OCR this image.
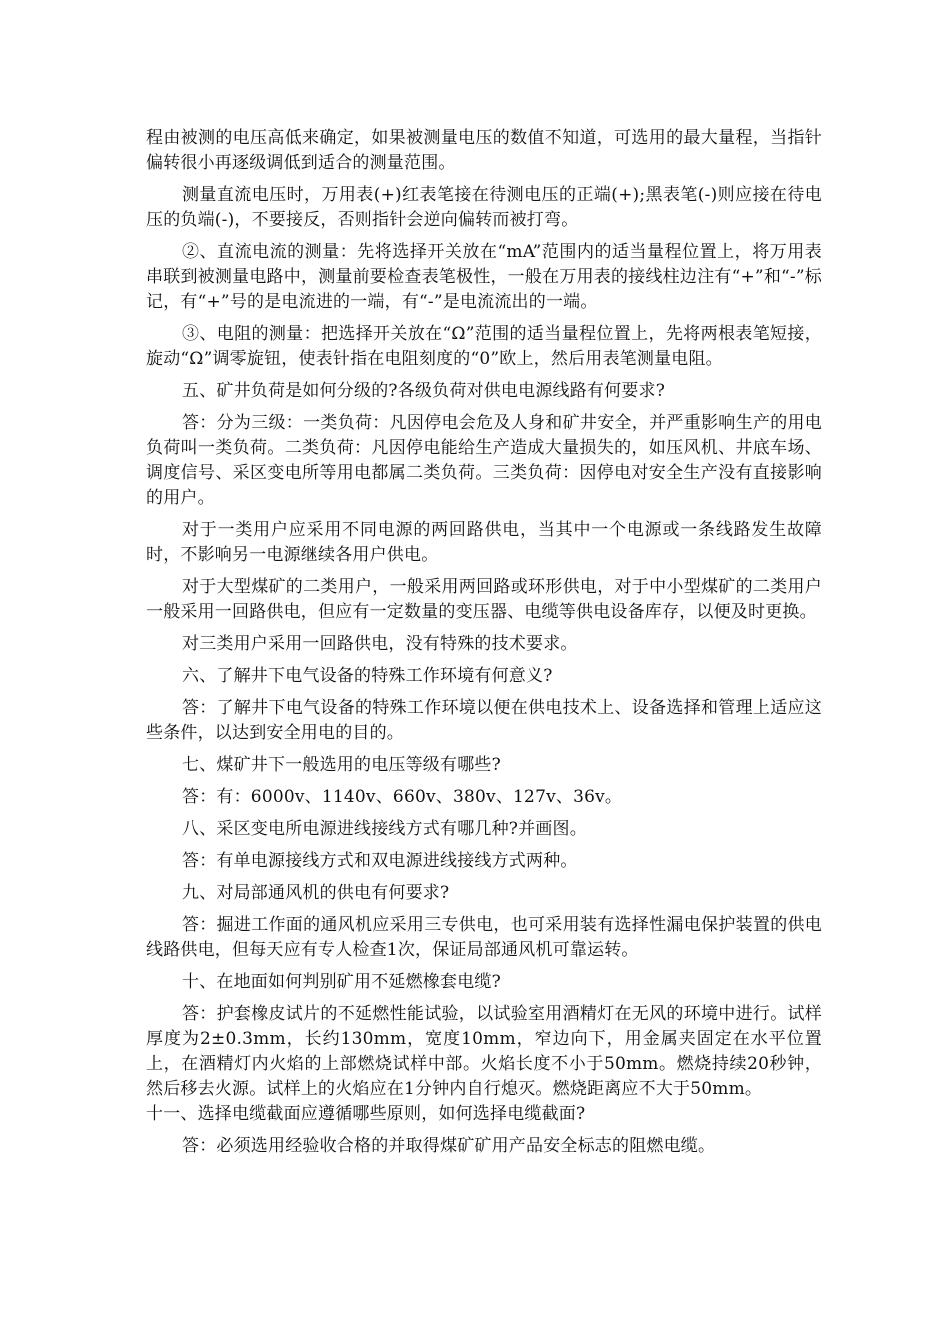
程由被测的电压高低来确定，如果被测量电压的数值不知道，可选用的最大量程，当指针偏转很小再逐级调低到适合的测量范围。

测量直流电压时，万用表(+)红表笔接在待测电压的正端(+);黑表笔(-)则应接在待电压的负端(-)，不要接反，否则指针会逆向偏转而被打弯。

②、直流电流的测量：先将选择开关放在“mA”范围内的适当量程位置上，将万用表串联到被测量电路中，测量前要检查表笔极性，一般在万用表的接线柱边注有“+”和“-”标记，有“+”号的是电流进的一端，有“-”是电流流出的一端。

③、电阻的测量：把选择开关放在“Ω”范围的适当量程位置上，先将两根表笔短接，旋动“Ω”调零旋钮，使表针指在电阻刻度的“0”欧上，然后用表笔测量电阻。

五、矿井负荷是如何分级的?各级负荷对供电电源线路有何要求?

答：分为三级：一类负荷：凡因停电会危及人身和矿井安全，并严重影响生产的用电负荷叫一类负荷。二类负荷：凡因停电能给生产造成大量损失的，如压风机、井底车场、调度信号、采区变电所等用电都属二类负荷。三类负荷：因停电对安全生产没有直接影响的用户。

对于一类用户应采用不同电源的两回路供电，当其中一个电源或一条线路发生故障时，不影响另一电源继续各用户供电。

对于大型煤矿的二类用户，一般采用两回路或环形供电，对于中小型煤矿的二类用户一般采用一回路供电，但应有一定数量的变压器、电缆等供电设备库存，以便及时更换。

对三类用户采用一回路供电，没有特殊的技术要求。

六、了解井下电气设备的特殊工作环境有何意义?

答：了解井下电气设备的特殊工作环境以便在供电技术上、设备选择和管理上适应这些条件，以达到安全用电的目的。

七、煤矿井下一般选用的电压等级有哪些?

答：有：6000v、1140v、660v、380v、127v、36v。

八、采区变电所电源进线接线方式有哪几种?并画图。

答：有单电源接线方式和双电源进线接线方式两种。

九、对局部通风机的供电有何要求?

答：掘进工作面的通风机应采用三专供电，也可采用装有选择性漏电保护装置的供电线路供电，但每天应有专人检查1次，保证局部通风机可靠运转。

十、在地面如何判别矿用不延燃橡套电缆?

答：护套橡皮试片的不延燃性能试验，以试验室用酒精灯在无风的环境中进行。试样厚度为2±0.3mm，长约130mm，宽度10mm，窄边向下，用金属夹固定在水平位置上，在酒精灯内火焰的上部燃烧试样中部。火焰长度不小于50mm。燃烧持续20秒钟，然后移去火源。试样上的火焰应在1分钟内自行熄灭。燃烧距离应不大于50mm。

十一、选择电缆截面应遵循哪些原则，如何选择电缆截面?

答：必须选用经验收合格的并取得煤矿矿用产品安全标志的阻燃电缆。
